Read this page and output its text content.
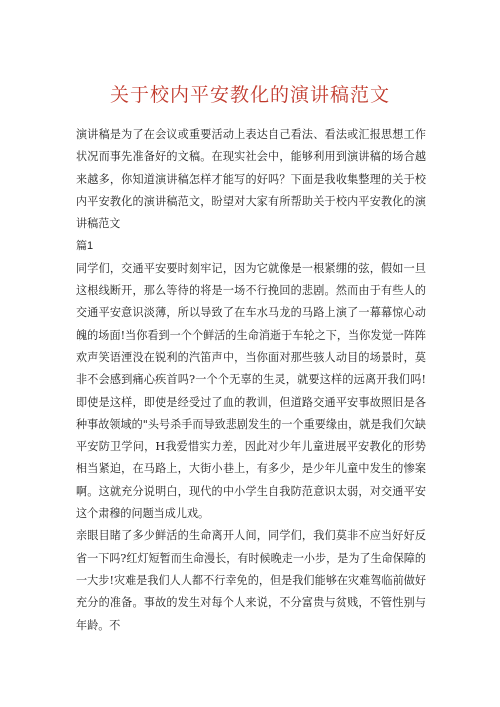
关于校内平安教化的演讲稿范文

演讲稿是为了在会议或重要活动上表达自己看法、看法或汇报思想工作状况而事先准备好的文稿。在现实社会中，能够利用到演讲稿的场合越来越多，你知道演讲稿怎样才能写的好吗？下面是我收集整理的关于校内平安教化的演讲稿范文，盼望对大家有所帮助关于校内平安教化的演讲稿范文

篇1

同学们，交通平安要时刻牢记，因为它就像是一根紧绷的弦，假如一旦这根线断开，那么等待的将是一场不行挽回的悲剧。然而由于有些人的交通平安意识淡薄，所以导致了在车水马龙的马路上演了一幕幕惊心动魄的场面!当你看到一个个鲜活的生命消逝于车轮之下，当你发觉一阵阵欢声笑语湮没在锐利的汽笛声中，当你面对那些骇人动目的场景时，莫非不会感到痛心疾首吗?一个个无辜的生灵，就要这样的远离开我们吗!即使是这样，即使是经受过了血的教训，但道路交通平安事故照旧是各种事故领域的"头号杀手而导致悲剧发生的一个重要缘由，就是我们欠缺平安防卫学问，H我爱惜实力差，因此对少年儿童进展平安教化的形势相当紧迫，在马路上，大街小巷上，有多少，是少年儿童中发生的惨案啊。这就充分说明白，现代的中小学生自我防范意识太弱，对交通平安这个肃穆的问题当成儿戏。

亲眼目睹了多少鲜活的生命离开人间，同学们，我们莫非不应当好好反省一下吗?红灯短暂而生命漫长，有时候晚走一小步，是为了生命保障的一大步!灾难是我们人人都不行幸免的，但是我们能够在灾难驾临前做好充分的准备。事故的发生对每个人来说，不分富贵与贫贱，不管性别与年龄。不
